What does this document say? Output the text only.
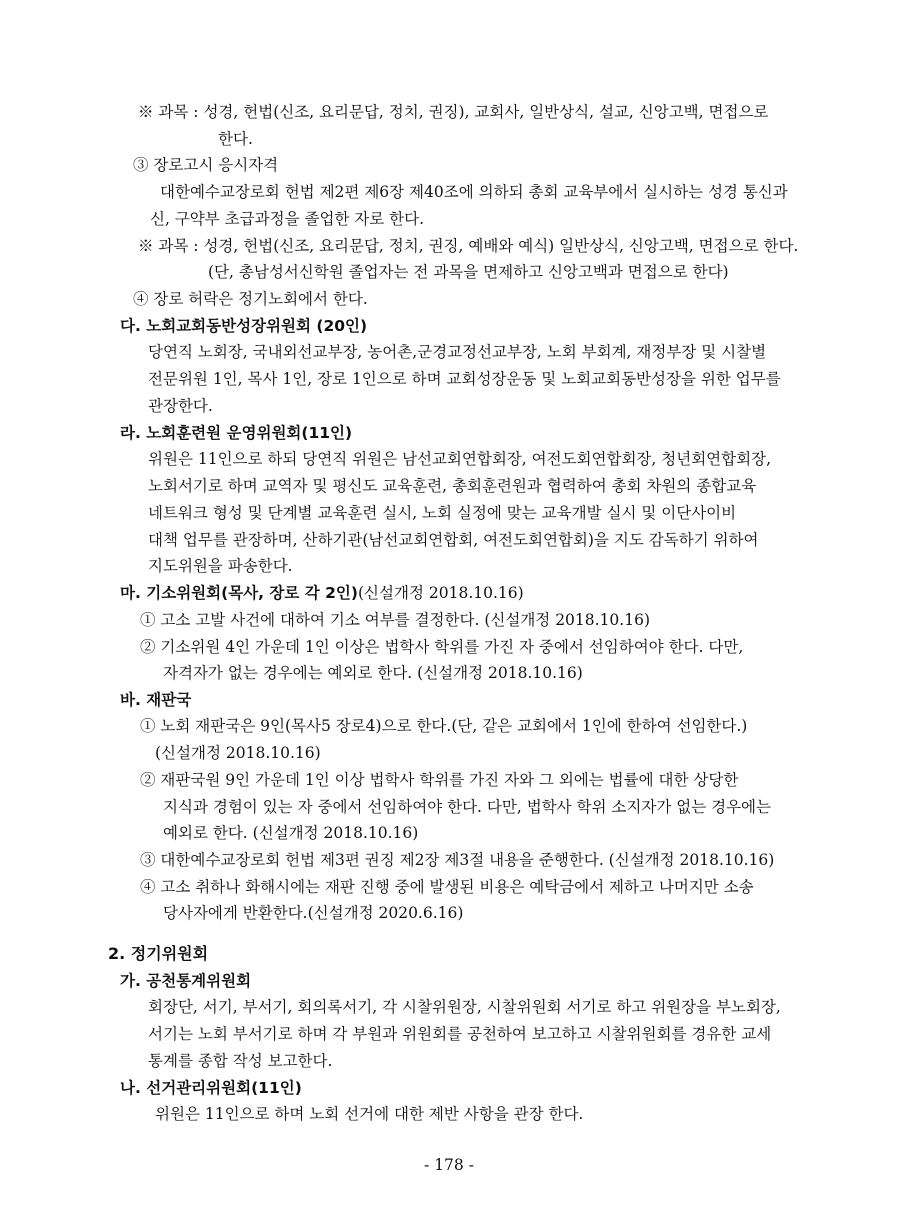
※ 과목 : 성경, 헌법(신조, 요리문답, 정치, 권징), 교회사, 일반상식, 설교, 신앙고백, 면접으로
한다.
③ 장로고시 응시자격
대한예수교장로회 헌법 제2편 제6장 제40조에 의하되 총회 교육부에서 실시하는 성경 통신과
신, 구약부 초급과정을 졸업한 자로 한다.
※ 과목 : 성경, 헌법(신조, 요리문답, 정치, 권징, 예배와 예식) 일반상식, 신앙고백, 면접으로 한다.
(단, 총남성서신학원 졸업자는 전 과목을 면제하고 신앙고백과 면접으로 한다)
④ 장로 허락은 정기노회에서 한다.
다. 노회교회동반성장위원회 (20인)
당연직 노회장, 국내외선교부장, 농어촌,군경교정선교부장, 노회 부회계, 재정부장 및 시찰별
전문위원 1인, 목사 1인, 장로 1인으로 하며 교회성장운동 및 노회교회동반성장을 위한 업무를
관장한다.
라. 노회훈련원 운영위원회(11인)
위원은 11인으로 하되 당연직 위원은 남선교회연합회장, 여전도회연합회장, 청년회연합회장,
노회서기로 하며 교역자 및 평신도 교육훈련, 총회훈련원과 협력하여 총회 차원의 종합교육
네트워크 형성 및 단계별 교육훈련 실시, 노회 실정에 맞는 교육개발 실시 및 이단사이비
대책 업무를 관장하며, 산하기관(남선교회연합회, 여전도회연합회)을 지도 감독하기 위하여
지도위원을 파송한다.
마. 기소위원회(목사, 장로 각 2인)(신설개정 2018.10.16)
① 고소 고발 사건에 대하여 기소 여부를 결정한다. (신설개정 2018.10.16)
② 기소위원 4인 가운데 1인 이상은 법학사 학위를 가진 자 중에서 선임하여야 한다. 다만,
자격자가 없는 경우에는 예외로 한다. (신설개정 2018.10.16)
바. 재판국
① 노회 재판국은 9인(목사5 장로4)으로 한다.(단, 같은 교회에서 1인에 한하여 선임한다.)
(신설개정 2018.10.16)
② 재판국원 9인 가운데 1인 이상 법학사 학위를 가진 자와 그 외에는 법률에 대한 상당한
지식과 경험이 있는 자 중에서 선임하여야 한다. 다만, 법학사 학위 소지자가 없는 경우에는
예외로 한다. (신설개정 2018.10.16)
③ 대한예수교장로회 헌법 제3편 권징 제2장 제3절 내용을 준행한다. (신설개정 2018.10.16)
④ 고소 취하나 화해시에는 재판 진행 중에 발생된 비용은 예탁금에서 제하고 나머지만 소송
당사자에게 반환한다.(신설개정 2020.6.16)
2. 정기위원회
가. 공천통계위원회
회장단, 서기, 부서기, 회의록서기, 각 시찰위원장, 시찰위원회 서기로 하고 위원장을 부노회장,
서기는 노회 부서기로 하며 각 부원과 위원회를 공천하여 보고하고 시찰위원회를 경유한 교세
통계를 종합 작성 보고한다.
나. 선거관리위원회(11인)
위원은 11인으로 하며 노회 선거에 대한 제반 사항을 관장 한다.
- 178 -
